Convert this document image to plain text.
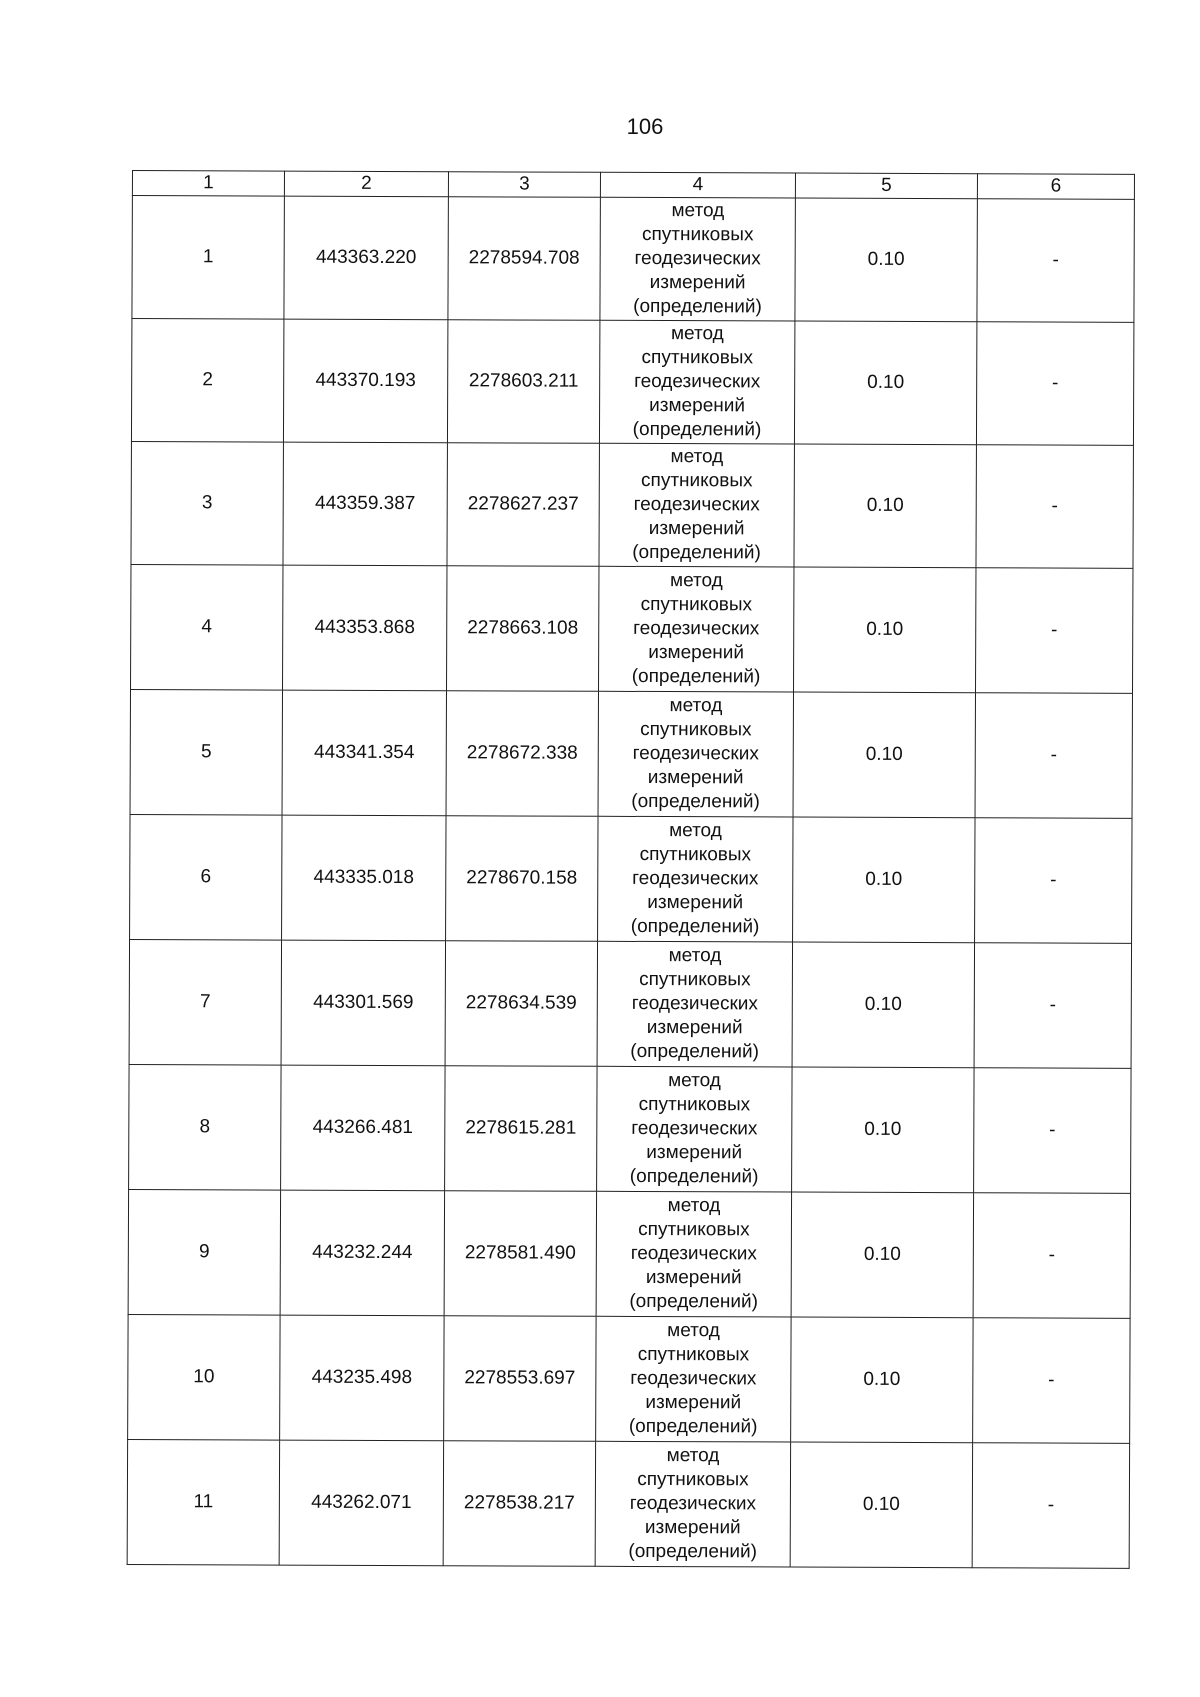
106
1	2	3	4	5	6
1	443363.220	2278594.708	метод
спутниковых
геодезических
измерений
(определений)	0.10	-
2	443370.193	2278603.211	метод
спутниковых
геодезических
измерений
(определений)	0.10	-
3	443359.387	2278627.237	метод
спутниковых
геодезических
измерений
(определений)	0.10	-
4	443353.868	2278663.108	метод
спутниковых
геодезических
измерений
(определений)	0.10	-
5	443341.354	2278672.338	метод
спутниковых
геодезических
измерений
(определений)	0.10	-
6	443335.018	2278670.158	метод
спутниковых
геодезических
измерений
(определений)	0.10	-
7	443301.569	2278634.539	метод
спутниковых
геодезических
измерений
(определений)	0.10	-
8	443266.481	2278615.281	метод
спутниковых
геодезических
измерений
(определений)	0.10	-
9	443232.244	2278581.490	метод
спутниковых
геодезических
измерений
(определений)	0.10	-
10	443235.498	2278553.697	метод
спутниковых
геодезических
измерений
(определений)	0.10	-
11	443262.071	2278538.217	метод
спутниковых
геодезических
измерений
(определений)	0.10	-
